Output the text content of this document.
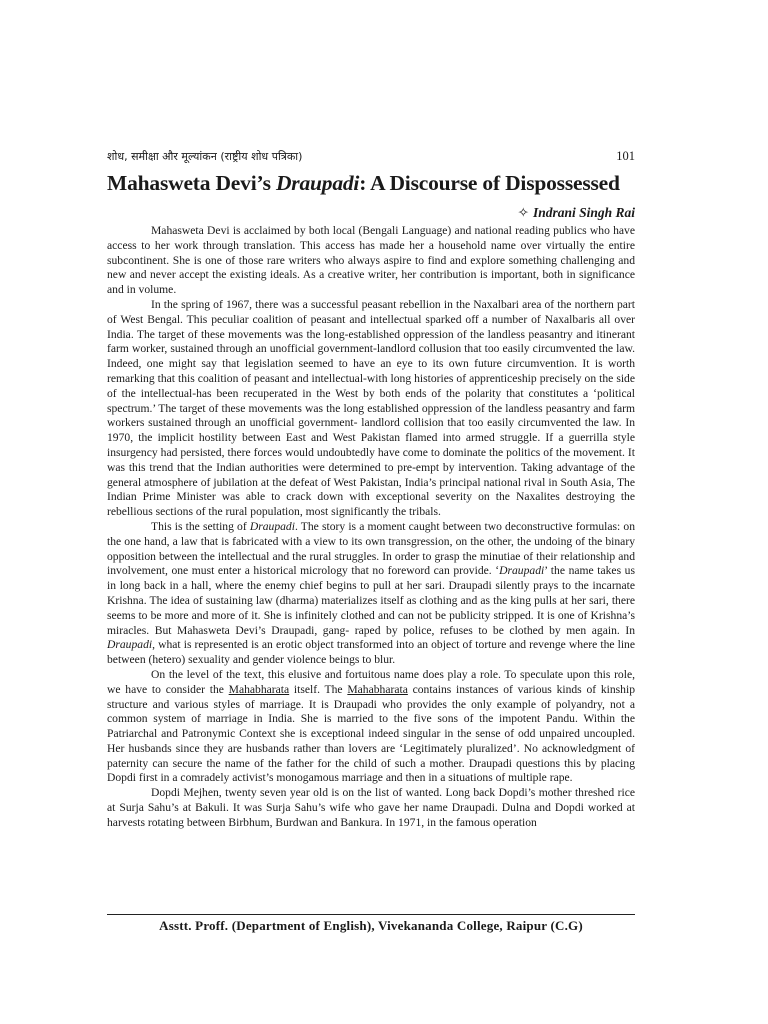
शोध, समीक्षा और मूल्यांकन (राष्ट्रीय शोध पत्रिका)	101
Mahasweta Devi’s Draupadi: A Discourse of Dispossessed
✧ Indrani Singh Rai

Mahasweta Devi is acclaimed by both local (Bengali Language) and national reading publics who have access to her work through translation. This access has made her a household name over virtually the entire subcontinent. She is one of those rare writers who always aspire to find and explore something challenging and new and never accept the existing ideals. As a creative writer, her contribution is important, both in significance and in volume.

In the spring of 1967, there was a successful peasant rebellion in the Naxalbari area of the northern part of West Bengal. This peculiar coalition of peasant and intellectual sparked off a number of Naxalbaris all over India. The target of these movements was the long-established oppression of the landless peasantry and itinerant farm worker, sustained through an unofficial government-landlord collusion that too easily circumvented the law. Indeed, one might say that legislation seemed to have an eye to its own future circumvention. It is worth remarking that this coalition of peasant and intellectual-with long histories of apprenticeship precisely on the side of the intellectual-has been recuperated in the West by both ends of the polarity that constitutes a ‘political spectrum.’ The target of these movements was the long established oppression of the landless peasantry and farm workers sustained through an unofficial government- landlord collision that too easily circumvented the law. In 1970, the implicit hostility between East and West Pakistan flamed into armed struggle. If a guerrilla style insurgency had persisted, there forces would undoubtedly have come to dominate the politics of the movement. It was this trend that the Indian authorities were determined to pre-empt by intervention. Taking advantage of the general atmosphere of jubilation at the defeat of West Pakistan, India’s principal national rival in South Asia, The Indian Prime Minister was able to crack down with exceptional severity on the Naxalites destroying the rebellious sections of the rural population, most significantly the tribals.

This is the setting of Draupadi. The story is a moment caught between two deconstructive formulas: on the one hand, a law that is fabricated with a view to its own transgression, on the other, the undoing of the binary opposition between the intellectual and the rural struggles. In order to grasp the minutiae of their relationship and involvement, one must enter a historical micrology that no foreword can provide. ‘Draupadi’ the name takes us in long back in a hall, where the enemy chief begins to pull at her sari. Draupadi silently prays to the incarnate Krishna. The idea of sustaining law (dharma) materializes itself as clothing and as the king pulls at her sari, there seems to be more and more of it. She is infinitely clothed and can not be publicity stripped. It is one of Krishna’s miracles. But Mahasweta Devi’s Draupadi, gang- raped by police, refuses to be clothed by men again. In Draupadi, what is represented is an erotic object transformed into an object of torture and revenge where the line between (hetero) sexuality and gender violence beings to blur.

On the level of the text, this elusive and fortuitous name does play a role. To speculate upon this role, we have to consider the Mahabharata itself. The Mahabharata contains instances of various kinds of kinship structure and various styles of marriage. It is Draupadi who provides the only example of polyandry, not a common system of marriage in India. She is married to the five sons of the impotent Pandu. Within the Patriarchal and Patronymic Context she is exceptional indeed singular in the sense of odd unpaired uncoupled. Her husbands since they are husbands rather than lovers are ‘Legitimately pluralized’. No acknowledgment of paternity can secure the name of the father for the child of such a mother. Draupadi questions this by placing Dopdi first in a comradely activist’s monogamous marriage and then in a situations of multiple rape.

Dopdi Mejhen, twenty seven year old is on the list of wanted. Long back Dopdi’s mother threshed rice at Surja Sahu’s at Bakuli. It was Surja Sahu’s wife who gave her name Draupadi. Dulna and Dopdi worked at harvests rotating between Birbhum, Burdwan and Bankura. In 1971, in the famous operation

Asstt. Proff. (Department of English), Vivekananda College, Raipur (C.G)
